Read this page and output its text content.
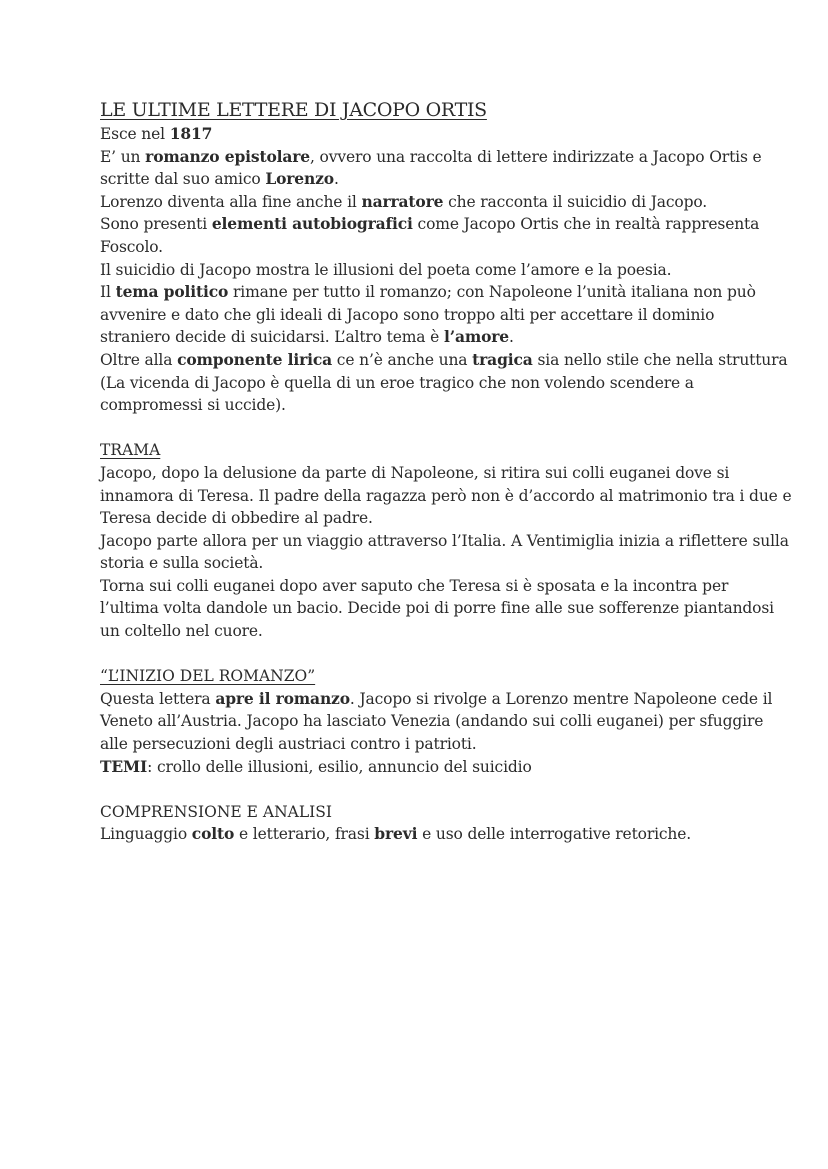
LE ULTIME LETTERE DI JACOPO ORTIS
Esce nel 1817
E’ un romanzo epistolare, ovvero una raccolta di lettere indirizzate a Jacopo Ortis e
scritte dal suo amico Lorenzo.
Lorenzo diventa alla fine anche il narratore che racconta il suicidio di Jacopo.
Sono presenti elementi autobiografici come Jacopo Ortis che in realtà rappresenta
Foscolo.
Il suicidio di Jacopo mostra le illusioni del poeta come l’amore e la poesia.
Il tema politico rimane per tutto il romanzo; con Napoleone l’unità italiana non può
avvenire e dato che gli ideali di Jacopo sono troppo alti per accettare il dominio
straniero decide di suicidarsi. L’altro tema è l’amore.
Oltre alla componente lirica ce n’è anche una tragica sia nello stile che nella struttura
(La vicenda di Jacopo è quella di un eroe tragico che non volendo scendere a
compromessi si uccide).
TRAMA
Jacopo, dopo la delusione da parte di Napoleone, si ritira sui colli euganei dove si
innamora di Teresa. Il padre della ragazza però non è d’accordo al matrimonio tra i due e
Teresa decide di obbedire al padre.
Jacopo parte allora per un viaggio attraverso l’Italia. A Ventimiglia inizia a riflettere sulla
storia e sulla società.
Torna sui colli euganei dopo aver saputo che Teresa si è sposata e la incontra per
l’ultima volta dandole un bacio. Decide poi di porre fine alle sue sofferenze piantandosi
un coltello nel cuore.
“L’INIZIO DEL ROMANZO”
Questa lettera apre il romanzo. Jacopo si rivolge a Lorenzo mentre Napoleone cede il
Veneto all’Austria. Jacopo ha lasciato Venezia (andando sui colli euganei) per sfuggire
alle persecuzioni degli austriaci contro i patrioti.
TEMI: crollo delle illusioni, esilio, annuncio del suicidio
COMPRENSIONE E ANALISI
Linguaggio colto e letterario, frasi brevi e uso delle interrogative retoriche.
